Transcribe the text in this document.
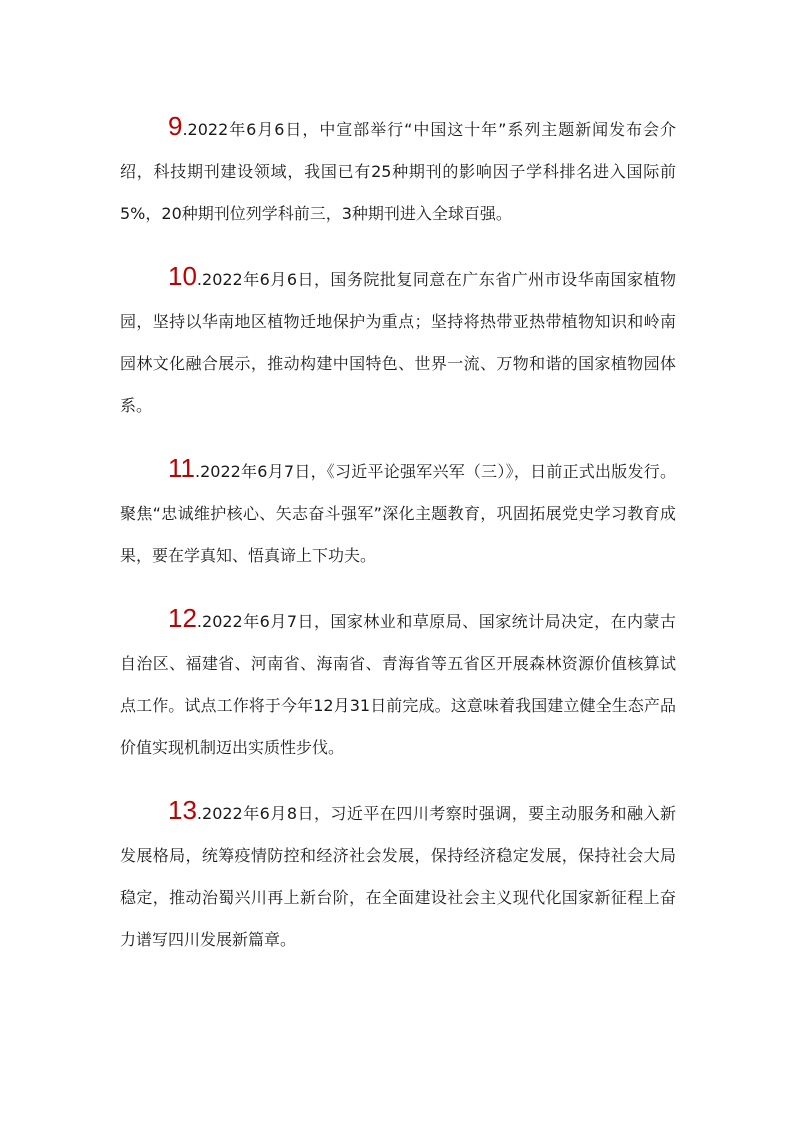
9.2022年6月6日，中宣部举行“中国这十年”系列主题新闻发布会介绍，科技期刊建设领域，我国已有25种期刊的影响因子学科排名进入国际前5%，20种期刊位列学科前三，3种期刊进入全球百强。

10.2022年6月6日，国务院批复同意在广东省广州市设华南国家植物园，坚持以华南地区植物迁地保护为重点；坚持将热带亚热带植物知识和岭南园林文化融合展示，推动构建中国特色、世界一流、万物和谐的国家植物园体系。

11.2022年6月7日，《习近平论强军兴军（三）》，日前正式出版发行。聚焦“忠诚维护核心、矢志奋斗强军”深化主题教育，巩固拓展党史学习教育成果，要在学真知、悟真谛上下功夫。

12.2022年6月7日，国家林业和草原局、国家统计局决定，在内蒙古自治区、福建省、河南省、海南省、青海省等五省区开展森林资源价值核算试点工作。试点工作将于今年12月31日前完成。这意味着我国建立健全生态产品价值实现机制迈出实质性步伐。

13.2022年6月8日，习近平在四川考察时强调，要主动服务和融入新发展格局，统筹疫情防控和经济社会发展，保持经济稳定发展，保持社会大局稳定，推动治蜀兴川再上新台阶，在全面建设社会主义现代化国家新征程上奋力谱写四川发展新篇章。
